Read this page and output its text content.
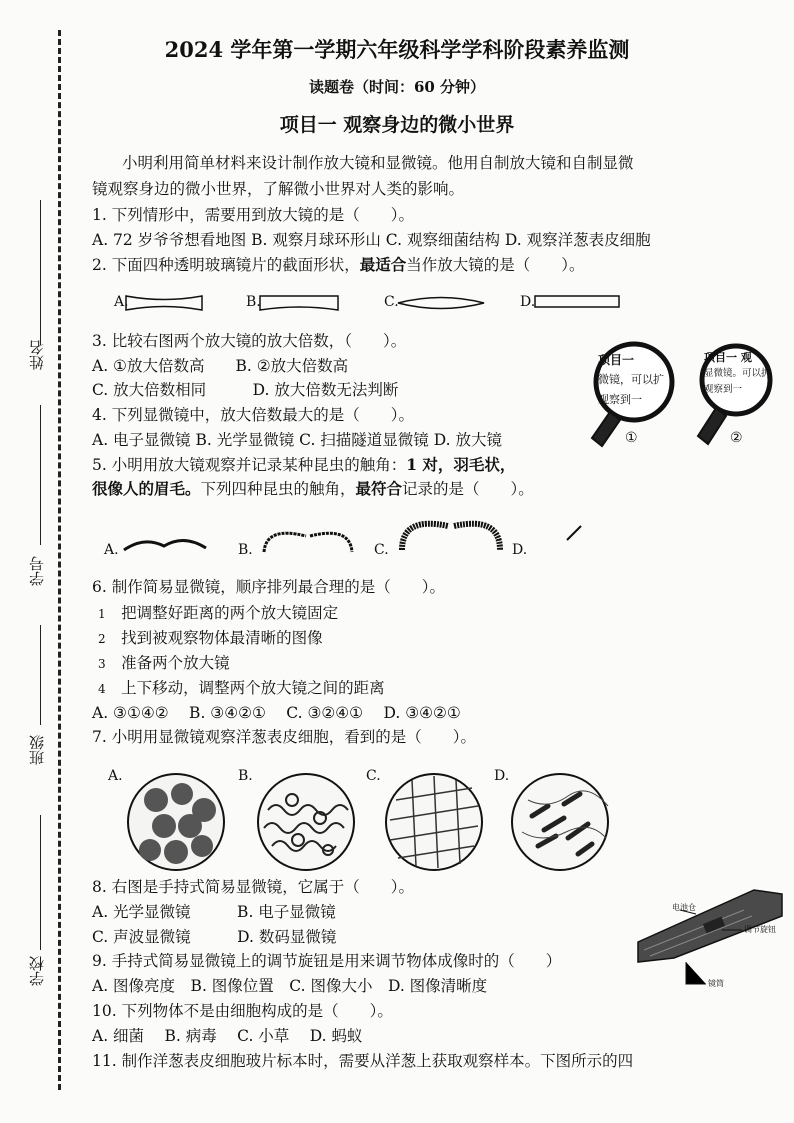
姓名
学号
班级
学校
2024 学年第一学期六年级科学学科阶段素养监测
读题卷（时间：60 分钟）
项目一 观察身边的微小世界
小明利用简单材料来设计制作放大镜和显微镜。他用自制放大镜和自制显微
镜观察身边的微小世界，了解微小世界对人类的影响。
1. 下列情形中，需要用到放大镜的是（　　）。
A. 72 岁爷爷想看地图 B. 观察月球环形山 C. 观察细菌结构 D. 观察洋葱表皮细胞
2. 下面四种透明玻璃镜片的截面形状，最适合当作放大镜的是（　　）。
A.	B.	C.	D.
3. 比较右图两个放大镜的放大倍数，（　　）。
A. ①放大倍数高　　B. ②放大倍数高
C. 放大倍数相同　　　D. 放大倍数无法判断
项目一
微镜，可以扩
观察到一
①
项目一 观
显微镜。可以扩
观察到一
②
4. 下列显微镜中，放大倍数最大的是（　　）。
A. 电子显微镜 B. 光学显微镜 C. 扫描隧道显微镜 D. 放大镜
5. 小明用放大镜观察并记录某种昆虫的触角：1 对，羽毛状，
很像人的眉毛。下列四种昆虫的触角，最符合记录的是（　　）。
A.	B.	C.	D.
6. 制作简易显微镜，顺序排列最合理的是（　　）。
1　 把调整好距离的两个放大镜固定
2　 找到被观察物体最清晰的图像
3　 准备两个放大镜
4　 上下移动，调整两个放大镜之间的距离
A. ③①④② 　B. ③④②① 　C. ③②④① 　D. ③④②①
7. 小明用显微镜观察洋葱表皮细胞，看到的是（　　）。
A.	B.	C.	D.
8. 右图是手持式简易显微镜，它属于（　　）。
A. 光学显微镜　　　B. 电子显微镜
C. 声波显微镜　　　D. 数码显微镜
电池仓
调节旋钮
镜筒
9. 手持式简易显微镜上的调节旋钮是用来调节物体成像时的（　　）
A. 图像亮度　B. 图像位置　C. 图像大小　D. 图像清晰度
10. 下列物体不是由细胞构成的是（　　）。
A. 细菌　 B. 病毒　 C. 小草　 D. 蚂蚁
11. 制作洋葱表皮细胞玻片标本时，需要从洋葱上获取观察样本。下图所示的四
